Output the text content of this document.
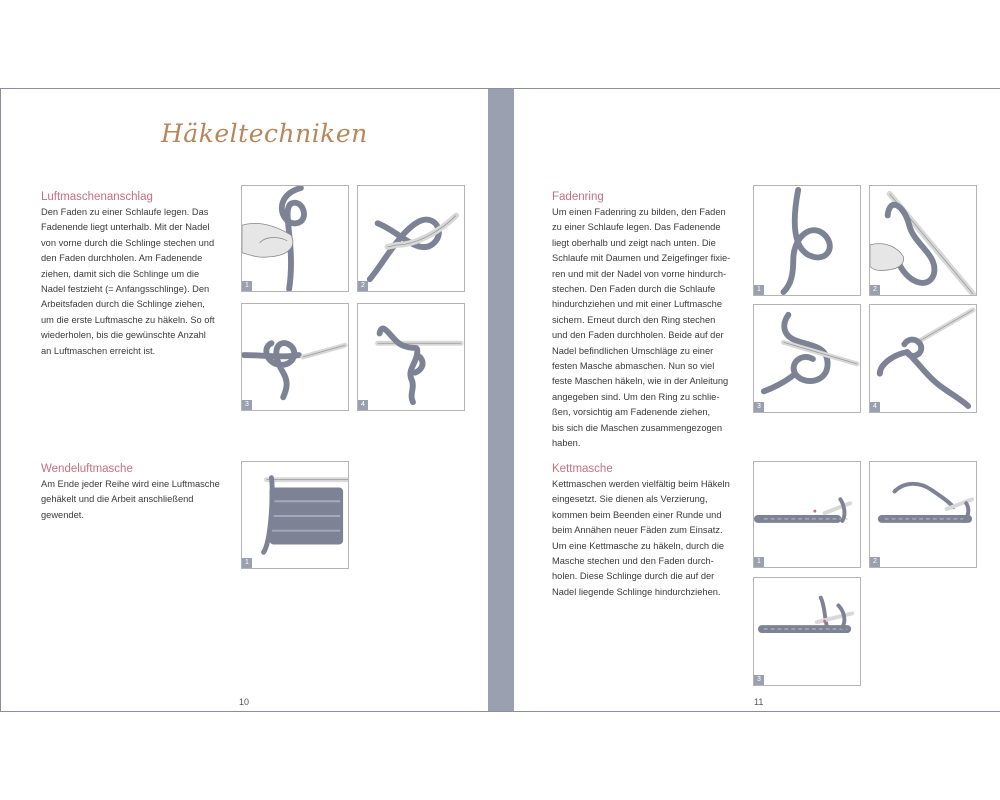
Häkeltechniken
Luftmaschenanschlag

Den Faden zu einer Schlaufe legen. Das
Fadenende liegt unterhalb. Mit der Nadel
von vorne durch die Schlinge stechen und
den Faden durchholen. Am Fadenende
ziehen, damit sich die Schlinge um die
Nadel festzieht (= Anfangsschlinge). Den
Arbeitsfaden durch die Schlinge ziehen,
um die erste Luftmasche zu häkeln. So oft
wiederholen, bis die gewünschte Anzahl
an Luftmaschen erreicht ist.

1	2
3	4
Wendeluftmasche

Am Ende jeder Reihe wird eine Luftmasche
gehäkelt und die Arbeit anschließend
gewendet.

1
10
Fadenring

Um einen Fadenring zu bilden, den Faden
zu einer Schlaufe legen. Das Fadenende
liegt oberhalb und zeigt nach unten. Die
Schlaufe mit Daumen und Zeigefinger fixie-
ren und mit der Nadel von vorne hindurch-
stechen. Den Faden durch die Schlaufe
hindurchziehen und mit einer Luftmasche
sichern. Erneut durch den Ring stechen
und den Faden durchholen. Beide auf der
Nadel befindlichen Umschläge zu einer
festen Masche abmaschen. Nun so viel
feste Maschen häkeln, wie in der Anleitung
angegeben sind. Um den Ring zu schlie-
ßen, vorsichtig am Fadenende ziehen,
bis sich die Maschen zusammengezogen
haben.

1	2
3	4
Kettmasche

Kettmaschen werden vielfältig beim Häkeln
eingesetzt. Sie dienen als Verzierung,
kommen beim Beenden einer Runde und
beim Annähen neuer Fäden zum Einsatz.
Um eine Kettmasche zu häkeln, durch die
Masche stechen und den Faden durch-
holen. Diese Schlinge durch die auf der
Nadel liegende Schlinge hindurchziehen.

1	2
3
11
